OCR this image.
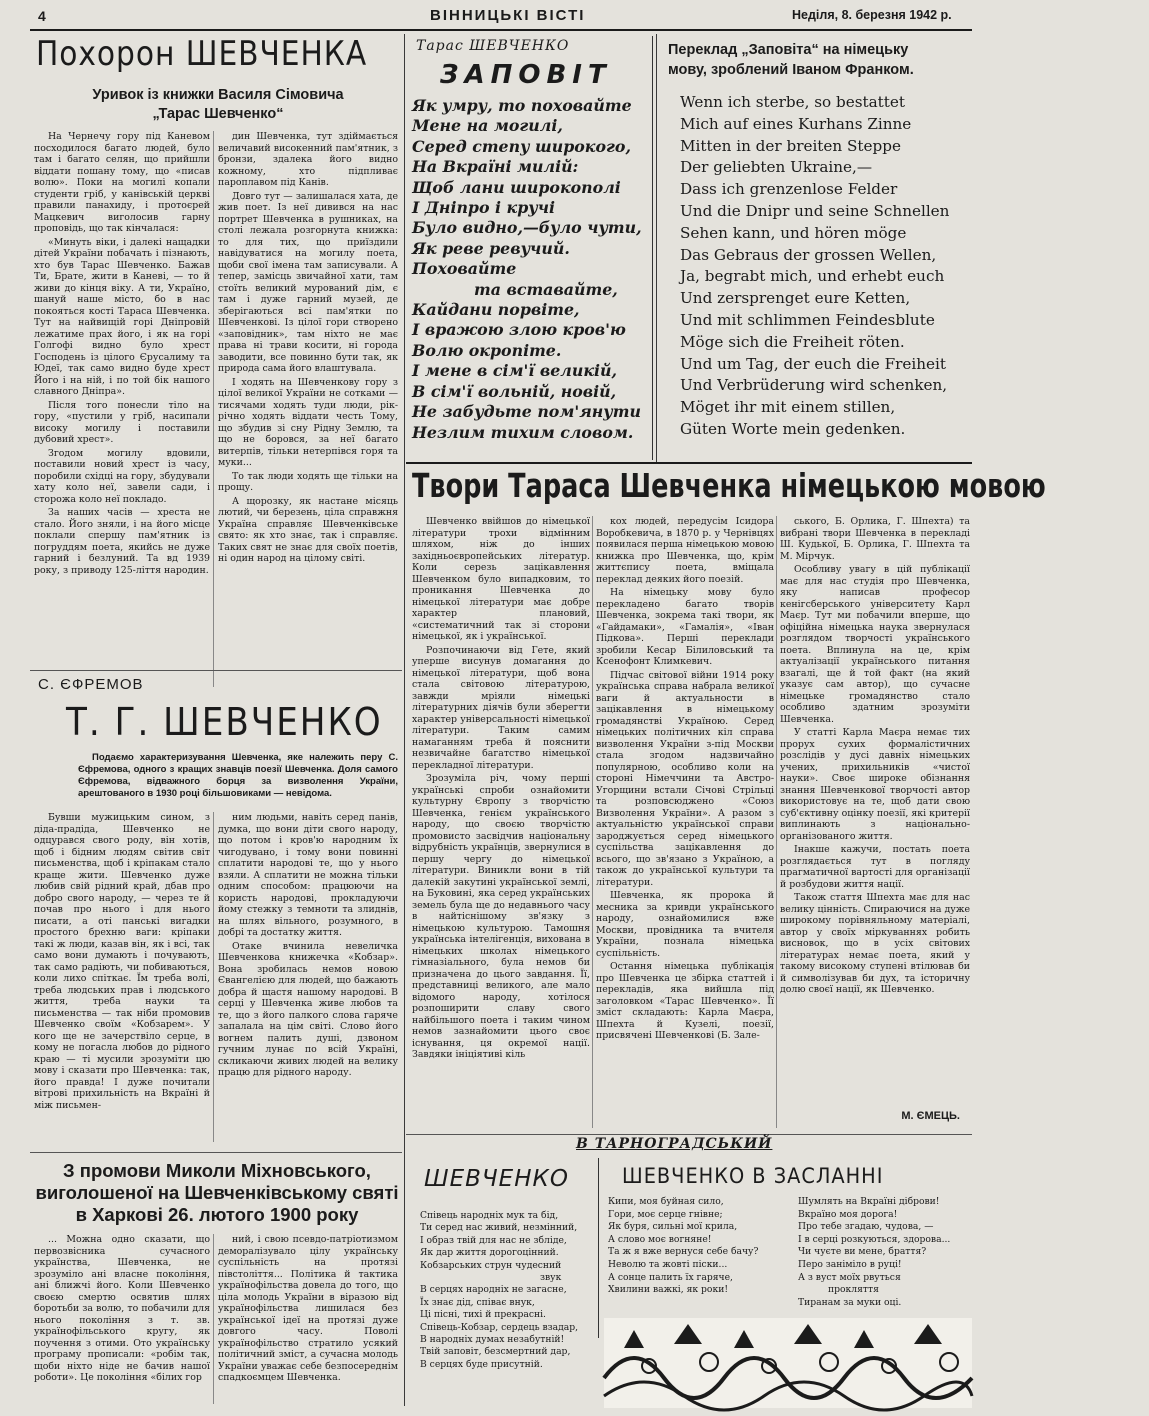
4	ВІННИЦЬКІ ВІСТІ	Неділя, 8. березня 1942 р.
Похорон ШЕВЧЕНКА
Уривок із книжки Василя Сімовича
„Тарас Шевченко“

На Чернечу гору під Каневом посходилося багато людей, було там і багато селян, що прийшли віддати пошану тому, що «писав волю». Поки на могилі копали студенти гріб, у канівській церкві правили панахиду, і протоєрей Мацкевич виголосив гарну проповідь, що так кінчалася:

«Минуть віки, і далекі нащадки дітей України побачать і пізнають, хто був Тарас Шевченко. Бажав Ти, Брате, жити в Каневі, — то й живи до кінця віку. А ти, Україно, шануй наше місто, бо в нас покояться кості Тараса Шевченка. Тут на найвищій горі Дніпровій лежатиме прах його, і як на горі Голгофі видно було хрест Господень із цілого Єрусалиму та Юдеї, так само видно буде хрест Його і на ній, і по той бік нашого славного Дніпра».

Після того понесли тіло на гору, «пустили у гріб, насипали високу могилу і поставили дубовий хрест».

Згодом могилу вдовили, поставили новий хрест із часу, поробили східці на гору, збудували хату коло неї, завели сади, і сторожа коло неї покладо.

За наших часів — хреста не стало. Його зняли, і на його місце поклали спершу пам'ятник із погруддям поета, якийсь не дуже гарний і безлуний. Та вд 1939 року, з приводу 125-ліття народин.

дин Шевченка, тут здіймається величавий високенний пам'ятник, з бронзи, здалека його видно кожному, хто підпливає пароплавом під Канів.

Довго тут — залишалася хата, де жив поет. Із неї дивився на нас портрет Шевченка в рушниках, на столі лежала розгорнута книжка: то для тих, що приїздили навідуватися на могилу поета, щоби свої імена там записували. А тепер, замісць звичайної хати, там стоїть великий мурований дім, є там і дуже гарний музей, де зберігаються всі пам'ятки по Шевченкові. Із цілої гори створено «заповідник», там ніхто не має права ні трави косити, ні города заводити, все повинно бути так, як природа сама його влаштувала.

І ходять на Шевченкову гору з цілої великої України не сотками — тисячами ходять туди люди, рік-річно ходять віддати честь Тому, що збудив зі сну Рідну Землю, та що не боровся, за неї багато витерпів, тільки нетерпівся горя та муки...

То так люди ходять ще тільки на прощу.

А щорозку, як настане місяць лютий, чи березень, ціла справжня Україна справляє Шевченківське свято: як хто знає, так і справляє. Таких свят не знає для своїх поетів, ні один народ на цілому світі.

С. ЄФРЕМОВ
Т. Г. ШЕВЧЕНКО
Подаємо характеризування Шевченка, яке належить перу С. Єфремова, одного з кращих знавців поезії Шевченка. Доля самого Єфремова, відважного борця за визволення України, арештованого в 1930 році більшовиками — невідома.

Бувши мужицьким сином, з діда-прадіда, Шевченко не одцурався свого роду, він хотів, щоб і бідним людям світив світ письменства, щоб і кріпакам стало краще жити. Шевченко дуже любив свій рідний край, дбав про добро свого народу, — через те й почав про нього і для нього писати, а оті панські вигадки простого брехню ваги: кріпаки такі ж люди, казав він, як і всі, так само вони думають і почувають, так само радіють, чи побиваються, коли лихо спіткає. Їм треба волі, треба людських прав і людського життя, треба науки та письменства — так ніби промовив Шевченко своїм «Кобзарем». У кого ще не зачерствіло серце, в кому не погасла любов до рідного краю — ті мусили зрозуміти цю мову і сказати про Шевченка: так, його правда! І дуже почитали вітрові прихильність на Вкраїні й між письмен-

ним людьми, навіть серед панів, думка, що вони діти свого народу, що потом і кров'ю народним їх чигодувано, і тому вони повинні сплатити народові те, що у нього взяли. А сплатити не можна тільки одним способом: працюючи на користь народові, прокладуючи йому стежку з темноти та злиднів, на шлях вільного, розумного, в добрі та достатку життя.

Отаке вчинила невеличка Шевченкова книжечка «Кобзар». Вона зробилась немов новою Євангелією для людей, що бажають добра й щастя нашому народові. В серці у Шевченка живе любов та те, що з його палкого слова гаряче запалала на цім світі. Слово його вогнем палить душі, дзвоном гучним лунає по всій Україні, скликаючи живих людей на велику працю для рідного народу.

З промови Миколи Міхновського,
виголошеної на Шевченківському святі
в Харкові 26. лютого 1900 року

... Можна одно сказати, що первозвісника сучасного українства, Шевченка, не зрозуміло ані власне покоління, ані ближчі його. Коли Шевченко своєю смертю освятив шлях боротьби за волю, то побачили для нього покоління з т. зв. українофільського кругу, як поучення з отими. Ото українську програму прописали: «робім так, щоби ніхто ніде не бачив нашої роботи». Це покоління «білих гор

ний, і свою псевдо-патріотизмом деморалізувало цілу українську суспільність на протязі півстоліття... Політика й тактика українофільства довела до того, що ціла молодь України в віразою від українофільства лишилася без української ідеї на протязі дуже довгого часу. Поволі українофільство стратило усякий політичний зміст, а сучасна молодь України уважає себе безпосереднім спадкоємцем Шевченка.

Тарас ШЕВЧЕНКО
ЗАПОВІТ
Як умру, то поховайте
Мене на могилі,
Серед степу широкого,
На Вкраїні милій:
Щоб лани широкополі
І Дніпро і кручі
Було видно,—було чути,
Як реве ревучий.
Поховайте
та вставайте,
Кайдани порвіте,
І вражою злою кров'ю
Волю окропіте.
І мене в сім'ї великій,
В сім'ї вольній, новій,
Не забудьте пом'янути
Незлим тихим словом.
Переклад „Заповіта“ на німецьку
мову, зроблений Іваном Франком.
Wenn ich sterbe, so bestattet
Mich auf eines Kurhans Zinne
Mitten in der breiten Steppe
Der geliebten Ukraine,—
Dass ich grenzenlose Felder
Und die Dnipr und seine Schnellen
Sehen kann, und hören möge
Das Gebraus der grossen Wellen,
Ja, begrabt mich, und erhebt euch
Und zersprenget eure Ketten,
Und mit schlimmen Feindesblute
Möge sich die Freiheit röten.
Und um Tag, der euch die Freiheit
Und Verbrüderung wird schenken,
Möget ihr mit einem stillen,
Güten Worte mein gedenken.
Твори Тараса Шевченка німецькою мовою

Шевченко ввійшов до німецької літератури трохи відмінним шляхом, ніж до інших західньоєвропейських літератур. Коли серезь зацікавлення Шевченком було випадковим, то проникання Шевченка до німецької літератури має добре характер плановий, «систематичний так зі сторони німецької, як і української.

Розпочинаючи від Гете, який уперше висунув домагання до німецької літератури, щоб вона стала світовою літературою, завжди мріяли німецькі літературних діячів були зберегти характер універсальності німецької літератури. Таким самим намаганням треба й пояснити незвичайне багатство німецької перекладної літератури.

Зрозуміла річ, чому перші українські спроби ознайомити культурну Європу з творчістю Шевченка, генієм українського народу, що своєю творчістю промовисто засвідчив національну відрубність українців, звернулися в першу чергу до німецької літератури. Виникли вони в тій далекій закутині української землі, на Буковині, яка серед українських земель була ще до недавнього часу в найтіснішому зв'язку з німецькою культурою. Тамошня українська інтелігенція, вихована в німецьких школах німецького гімназіального, була немов би призначена до цього завдання. Її, представниці великого, але мало відомого народу, хотілося розпоширити славу свого найбільшого поета і таким чином немов зазнайомити цього своє існування, ця окремої нації. Завдяки ініціятиві кіль

кох людей, передусім Ісидора Воробкевича, в 1870 р. у Чернівцях появилася перша німецькою мовою книжка про Шевченка, що, крім життєпису поета, вміщала переклад деяких його поезій.

На німецьку мову було перекладено багато творів Шевченка, зокрема такі твори, як «Гайдамаки», «Гамалія», «Іван Підкова». Перші переклади зробили Кесар Білиловський та Ксенофонт Климкевич.

Підчас світової війни 1914 року українська справа набрала великої ваги й актуальности в зацікавлення в німецькому громадянстві Україною. Серед німецьких політичних кіл справа визволення України з-під Москви стала згодом надзвичайно популярною, особливо коли на стороні Німеччини та Австро-Угорщини встали Січові Стрільці та розповсюджено «Союз Визволення України». А разом з актуальністю української справи зароджується серед німецького суспільства зацікавлення до всього, що зв'язано з Україною, а також до української культури та літератури.

Шевченка, як пророка й месника за кривди українського народу, ознайомилися вже Москви, провідника та вчителя України, познала німецька суспільність.

Остання німецька публікація про Шевченка це збірка статтей і перекладів, яка вийшла під заголовком «Тарас Шевченко». Її зміст складають: Карла Маєра, Шпехта й Кузелі, поезії, присвячені Шевченкові (Б. Зале-

ського, Б. Орлика, Г. Шпехта) та вибрані твори Шевченка в перекладі Ш. Кудької, Б. Орлика, Г. Шпехта та М. Мірчук.

Особливу увагу в цій публікації має для нас студія про Шевченка, яку написав професор кенігсберського університету Карл Маєр. Тут ми побачили вперше, що офіційна німецька наука звернулася розглядом творчості українського поета. Вплинула на це, крім актуалізації українського питання взагалі, ще й той факт (на який указує сам автор), що сучасне німецьке громадянство стало особливо здатним зрозуміти Шевченка.

У статті Карла Маєра немає тих прорух сухих формалістичних розслідів у дусі давніх німецьких учених, прихильників «чистої науки». Своє широке обізнання знання Шевченкової творчості автор використовує на те, щоб дати свою суб'єктивну оцінку поезії, які критерії виплинають з національно-організованого життя.

Інакше кажучи, постать поета розглядається тут в погляду прагматичної вартості для організації й розбудови життя нації.

Також стаття Шпехта має для нас велику цінність. Спираючися на дуже широкому порівняльному матеріалі, автор у своїх міркуваннях робить висновок, що в усіх світових літературах немає поета, який у такому високому ступені втілював би й символізував би дух, та історичну долю своєї нації, як Шевченко.

М. ЄМЕЦЬ.
В ТАРНОГРАДСЬКИЙ
ШЕВЧЕНКО
Співець народніх мук та бід,
Ти серед нас живий, незмінний,
І образ твій для нас не збліде,
Як дар життя дорогоцінний.
Кобзарських струн чудесний
звук
В серцях народніх не загасне,
Їх знає дід, співає внук,
Ці пісні, тихі й прекрасні.
Співець-Кобзар, сердець взадар,
В народніх думах незабутній!
Твій заповіт, безсмертний дар,
В серцях буде присутній.
ШЕВЧЕНКО В ЗАСЛАННІ
Кипи, моя буйная сило,
Гори, моє серце гнівне;
Як буря, сильні мої крила,
А слово моє вогняне!
Та ж я вже вернуся себе бачу?
Неволю та жовті піски...
А сонце палить їх гаряче,
Хвилини важкі, як роки!
Шумлять на Вкраїні діброви!
Вкраїно моя дорога!
Про тебе згадаю, чудова, —
І в серці розкуються, здорова...
Чи чуєте ви мене, браття?
Перо заніміло в руці!
А з вуст моїх рвуться
прокляття
Тиранам за муки оці.
